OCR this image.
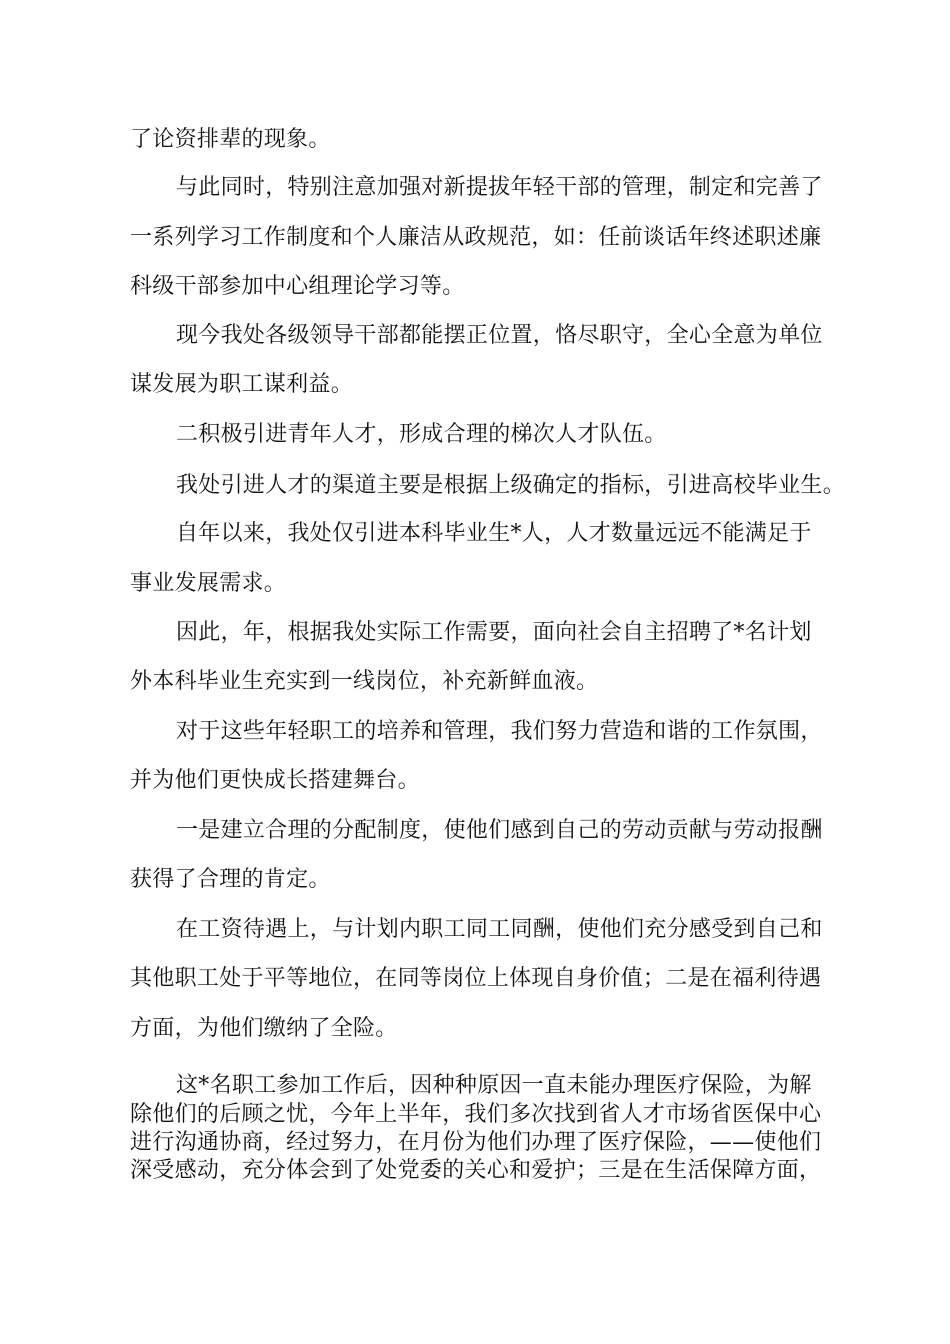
了论资排辈的现象。

与此同时，特别注意加强对新提拔年轻干部的管理，制定和完善了

一系列学习工作制度和个人廉洁从政规范，如：任前谈话年终述职述廉

科级干部参加中心组理论学习等。

现今我处各级领导干部都能摆正位置，恪尽职守，全心全意为单位

谋发展为职工谋利益。

二积极引进青年人才，形成合理的梯次人才队伍。

我处引进人才的渠道主要是根据上级确定的指标，引进高校毕业生。

自年以来，我处仅引进本科毕业生*人，人才数量远远不能满足于

事业发展需求。

因此，年，根据我处实际工作需要，面向社会自主招聘了*名计划

外本科毕业生充实到一线岗位，补充新鲜血液。

对于这些年轻职工的培养和管理，我们努力营造和谐的工作氛围，

并为他们更快成长搭建舞台。

一是建立合理的分配制度，使他们感到自己的劳动贡献与劳动报酬

获得了合理的肯定。

在工资待遇上，与计划内职工同工同酬，使他们充分感受到自己和

其他职工处于平等地位，在同等岗位上体现自身价值；二是在福利待遇

方面，为他们缴纳了全险。

这*名职工参加工作后，因种种原因一直未能办理医疗保险，为解

除他们的后顾之忧，今年上半年，我们多次找到省人才市场省医保中心

进行沟通协商，经过努力，在月份为他们办理了医疗保险，——使他们

深受感动，充分体会到了处党委的关心和爱护；三是在生活保障方面，
